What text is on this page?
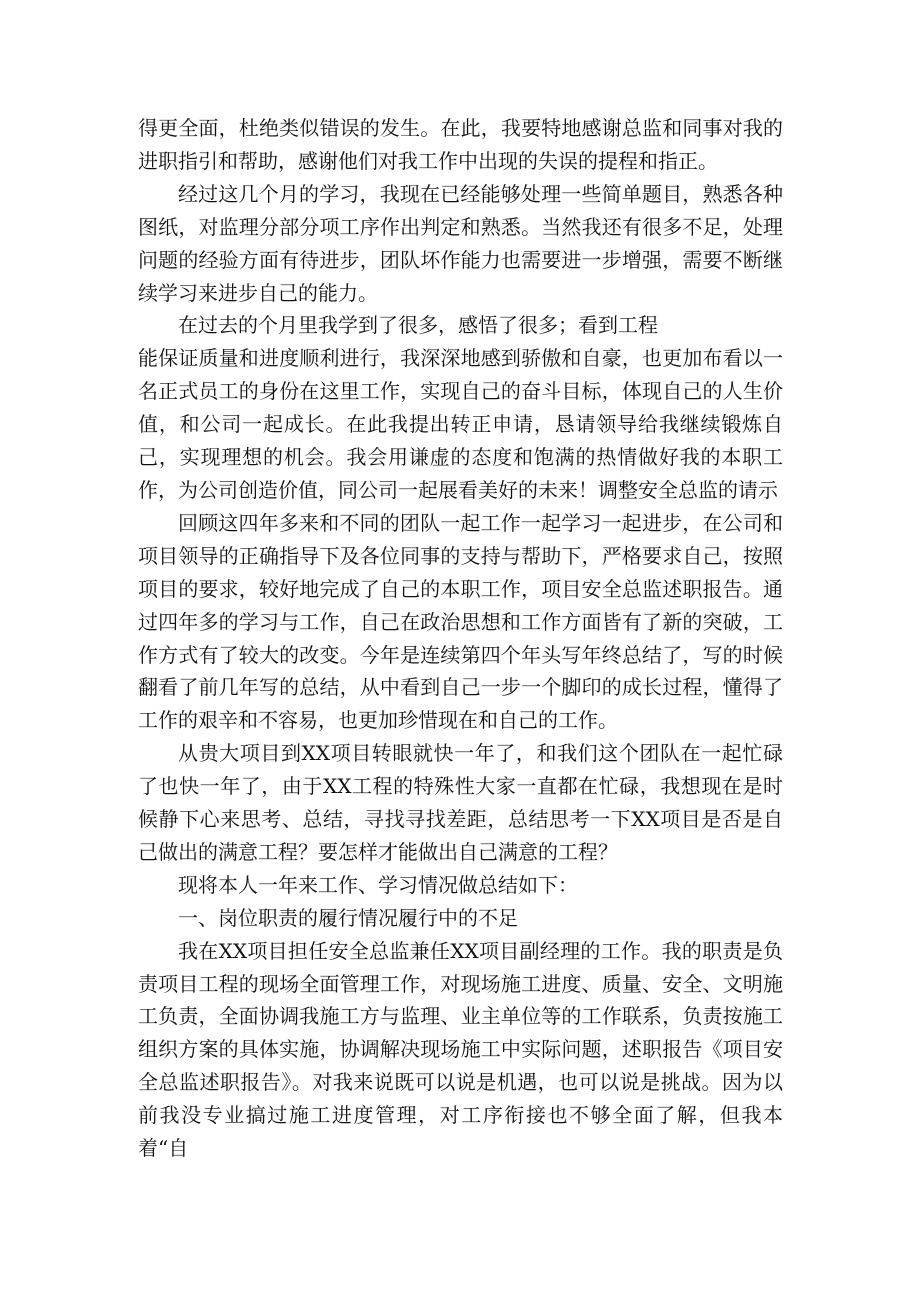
得更全面，杜绝类似错误的发生。在此，我要特地感谢总监和同事对我的进职指引和帮助，感谢他们对我工作中出现的失误的提程和指正。

经过这几个月的学习，我现在已经能够处理一些简单题目，熟悉各种图纸，对监理分部分项工序作出判定和熟悉。当然我还有很多不足，处理问题的经验方面有待进步，团队坏作能力也需要进一步增强，需要不断继续学习来进步自己的能力。

在过去的个月里我学到了很多，感悟了很多；看到工程

能保证质量和进度顺利进行，我深深地感到骄傲和自豪，也更加布看以一名正式员工的身份在这里工作，实现自己的奋斗目标，体现自己的人生价值，和公司一起成长。在此我提出转正申请，恳请领导给我继续锻炼自己，实现理想的机会。我会用谦虚的态度和饱满的热情做好我的本职工作，为公司创造价值，同公司一起展看美好的未来！调整安全总监的请示

回顾这四年多来和不同的团队一起工作一起学习一起进步，在公司和项目领导的正确指导下及各位同事的支持与帮助下，严格要求自己，按照项目的要求，较好地完成了自己的本职工作，项目安全总监述职报告。通过四年多的学习与工作，自己在政治思想和工作方面皆有了新的突破，工作方式有了较大的改变。今年是连续第四个年头写年终总结了，写的时候翻看了前几年写的总结，从中看到自己一步一个脚印的成长过程，懂得了工作的艰辛和不容易，也更加珍惜现在和自己的工作。

从贵大项目到XX项目转眼就快一年了，和我们这个团队在一起忙碌了也快一年了，由于XX工程的特殊性大家一直都在忙碌，我想现在是时候静下心来思考、总结，寻找寻找差距，总结思考一下XX项目是否是自己做出的满意工程？要怎样才能做出自己满意的工程？

现将本人一年来工作、学习情况做总结如下：

一、岗位职责的履行情况履行中的不足

我在XX项目担任安全总监兼任XX项目副经理的工作。我的职责是负责项目工程的现场全面管理工作，对现场施工进度、质量、安全、文明施工负责，全面协调我施工方与监理、业主单位等的工作联系，负责按施工组织方案的具体实施，协调解决现场施工中实际问题，述职报告《项目安全总监述职报告》。对我来说既可以说是机遇，也可以说是挑战。因为以前我没专业搞过施工进度管理，对工序衔接也不够全面了解，但我本着“自
